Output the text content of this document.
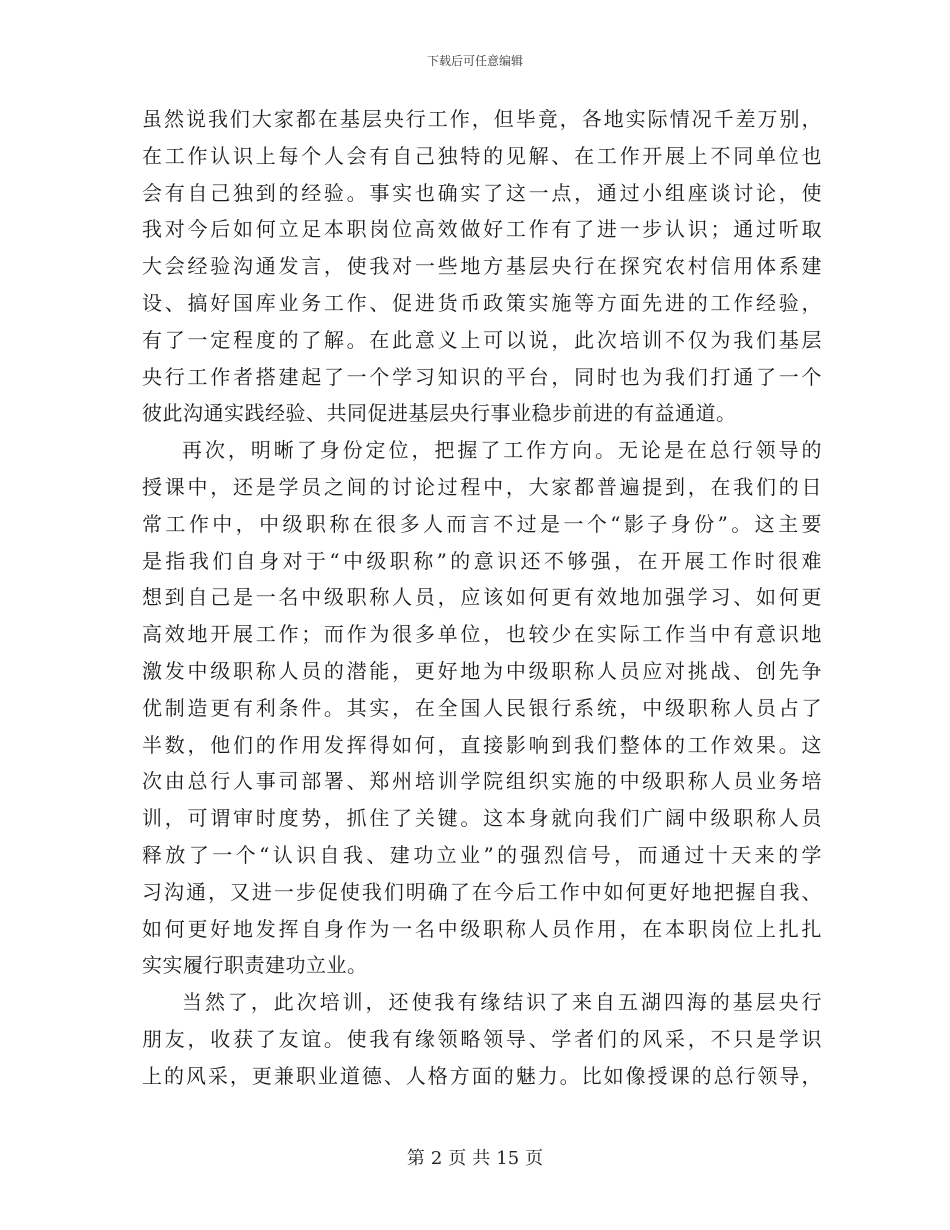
下载后可任意编辑
虽然说我们大家都在基层央行工作，但毕竟，各地实际情况千差万别，
在工作认识上每个人会有自己独特的见解、在工作开展上不同单位也
会有自己独到的经验。事实也确实了这一点，通过小组座谈讨论，使
我对今后如何立足本职岗位高效做好工作有了进一步认识；通过听取
大会经验沟通发言，使我对一些地方基层央行在探究农村信用体系建
设、搞好国库业务工作、促进货币政策实施等方面先进的工作经验，
有了一定程度的了解。在此意义上可以说，此次培训不仅为我们基层
央行工作者搭建起了一个学习知识的平台，同时也为我们打通了一个
彼此沟通实践经验、共同促进基层央行事业稳步前进的有益通道。
再次，明晰了身份定位，把握了工作方向。无论是在总行领导的
授课中，还是学员之间的讨论过程中，大家都普遍提到，在我们的日
常工作中，中级职称在很多人而言不过是一个“影子身份”。这主要
是指我们自身对于“中级职称”的意识还不够强，在开展工作时很难
想到自己是一名中级职称人员，应该如何更有效地加强学习、如何更
高效地开展工作；而作为很多单位，也较少在实际工作当中有意识地
激发中级职称人员的潜能，更好地为中级职称人员应对挑战、创先争
优制造更有利条件。其实，在全国人民银行系统，中级职称人员占了
半数，他们的作用发挥得如何，直接影响到我们整体的工作效果。这
次由总行人事司部署、郑州培训学院组织实施的中级职称人员业务培
训，可谓审时度势，抓住了关键。这本身就向我们广阔中级职称人员
释放了一个“认识自我、建功立业”的强烈信号，而通过十天来的学
习沟通，又进一步促使我们明确了在今后工作中如何更好地把握自我、
如何更好地发挥自身作为一名中级职称人员作用，在本职岗位上扎扎
实实履行职责建功立业。
当然了，此次培训，还使我有缘结识了来自五湖四海的基层央行
朋友，收获了友谊。使我有缘领略领导、学者们的风采，不只是学识
上的风采，更兼职业道德、人格方面的魅力。比如像授课的总行领导，
第 2 页 共 15 页
